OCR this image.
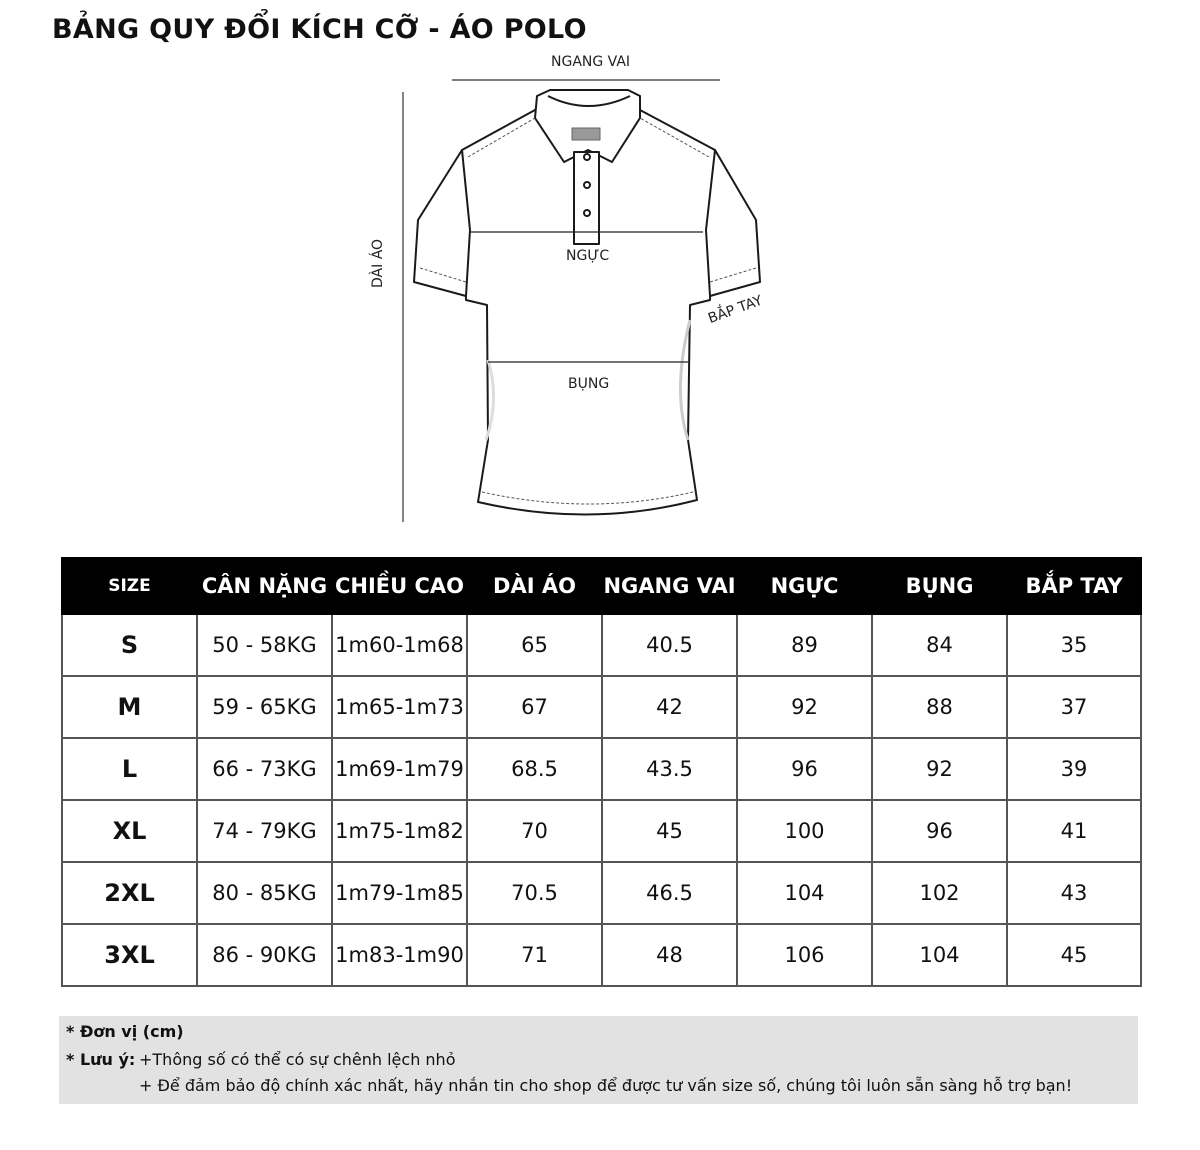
BẢNG QUY ĐỔI KÍCH CỠ - ÁO POLO
NGANG VAI
NGỰC
BỤNG
DÀI ÁO
BẮP TAY
SIZE	CÂN NẶNG	CHIỀU CAO	DÀI ÁO	NGANG VAI	NGỰC	BỤNG	BẮP TAY
S	50 - 58KG	1m60-1m68	65	40.5	89	84	35
M	59 - 65KG	1m65-1m73	67	42	92	88	37
L	66 - 73KG	1m69-1m79	68.5	43.5	96	92	39
XL	74 - 79KG	1m75-1m82	70	45	100	96	41
2XL	80 - 85KG	1m79-1m85	70.5	46.5	104	102	43
3XL	86 - 90KG	1m83-1m90	71	48	106	104	45
* Đơn vị (cm)
* Lưu ý: +Thông số có thể có sự chênh lệch nhỏ
+ Để đảm bảo độ chính xác nhất, hãy nhắn tin cho shop để được tư vấn size số, chúng tôi luôn sẵn sàng hỗ trợ bạn!
